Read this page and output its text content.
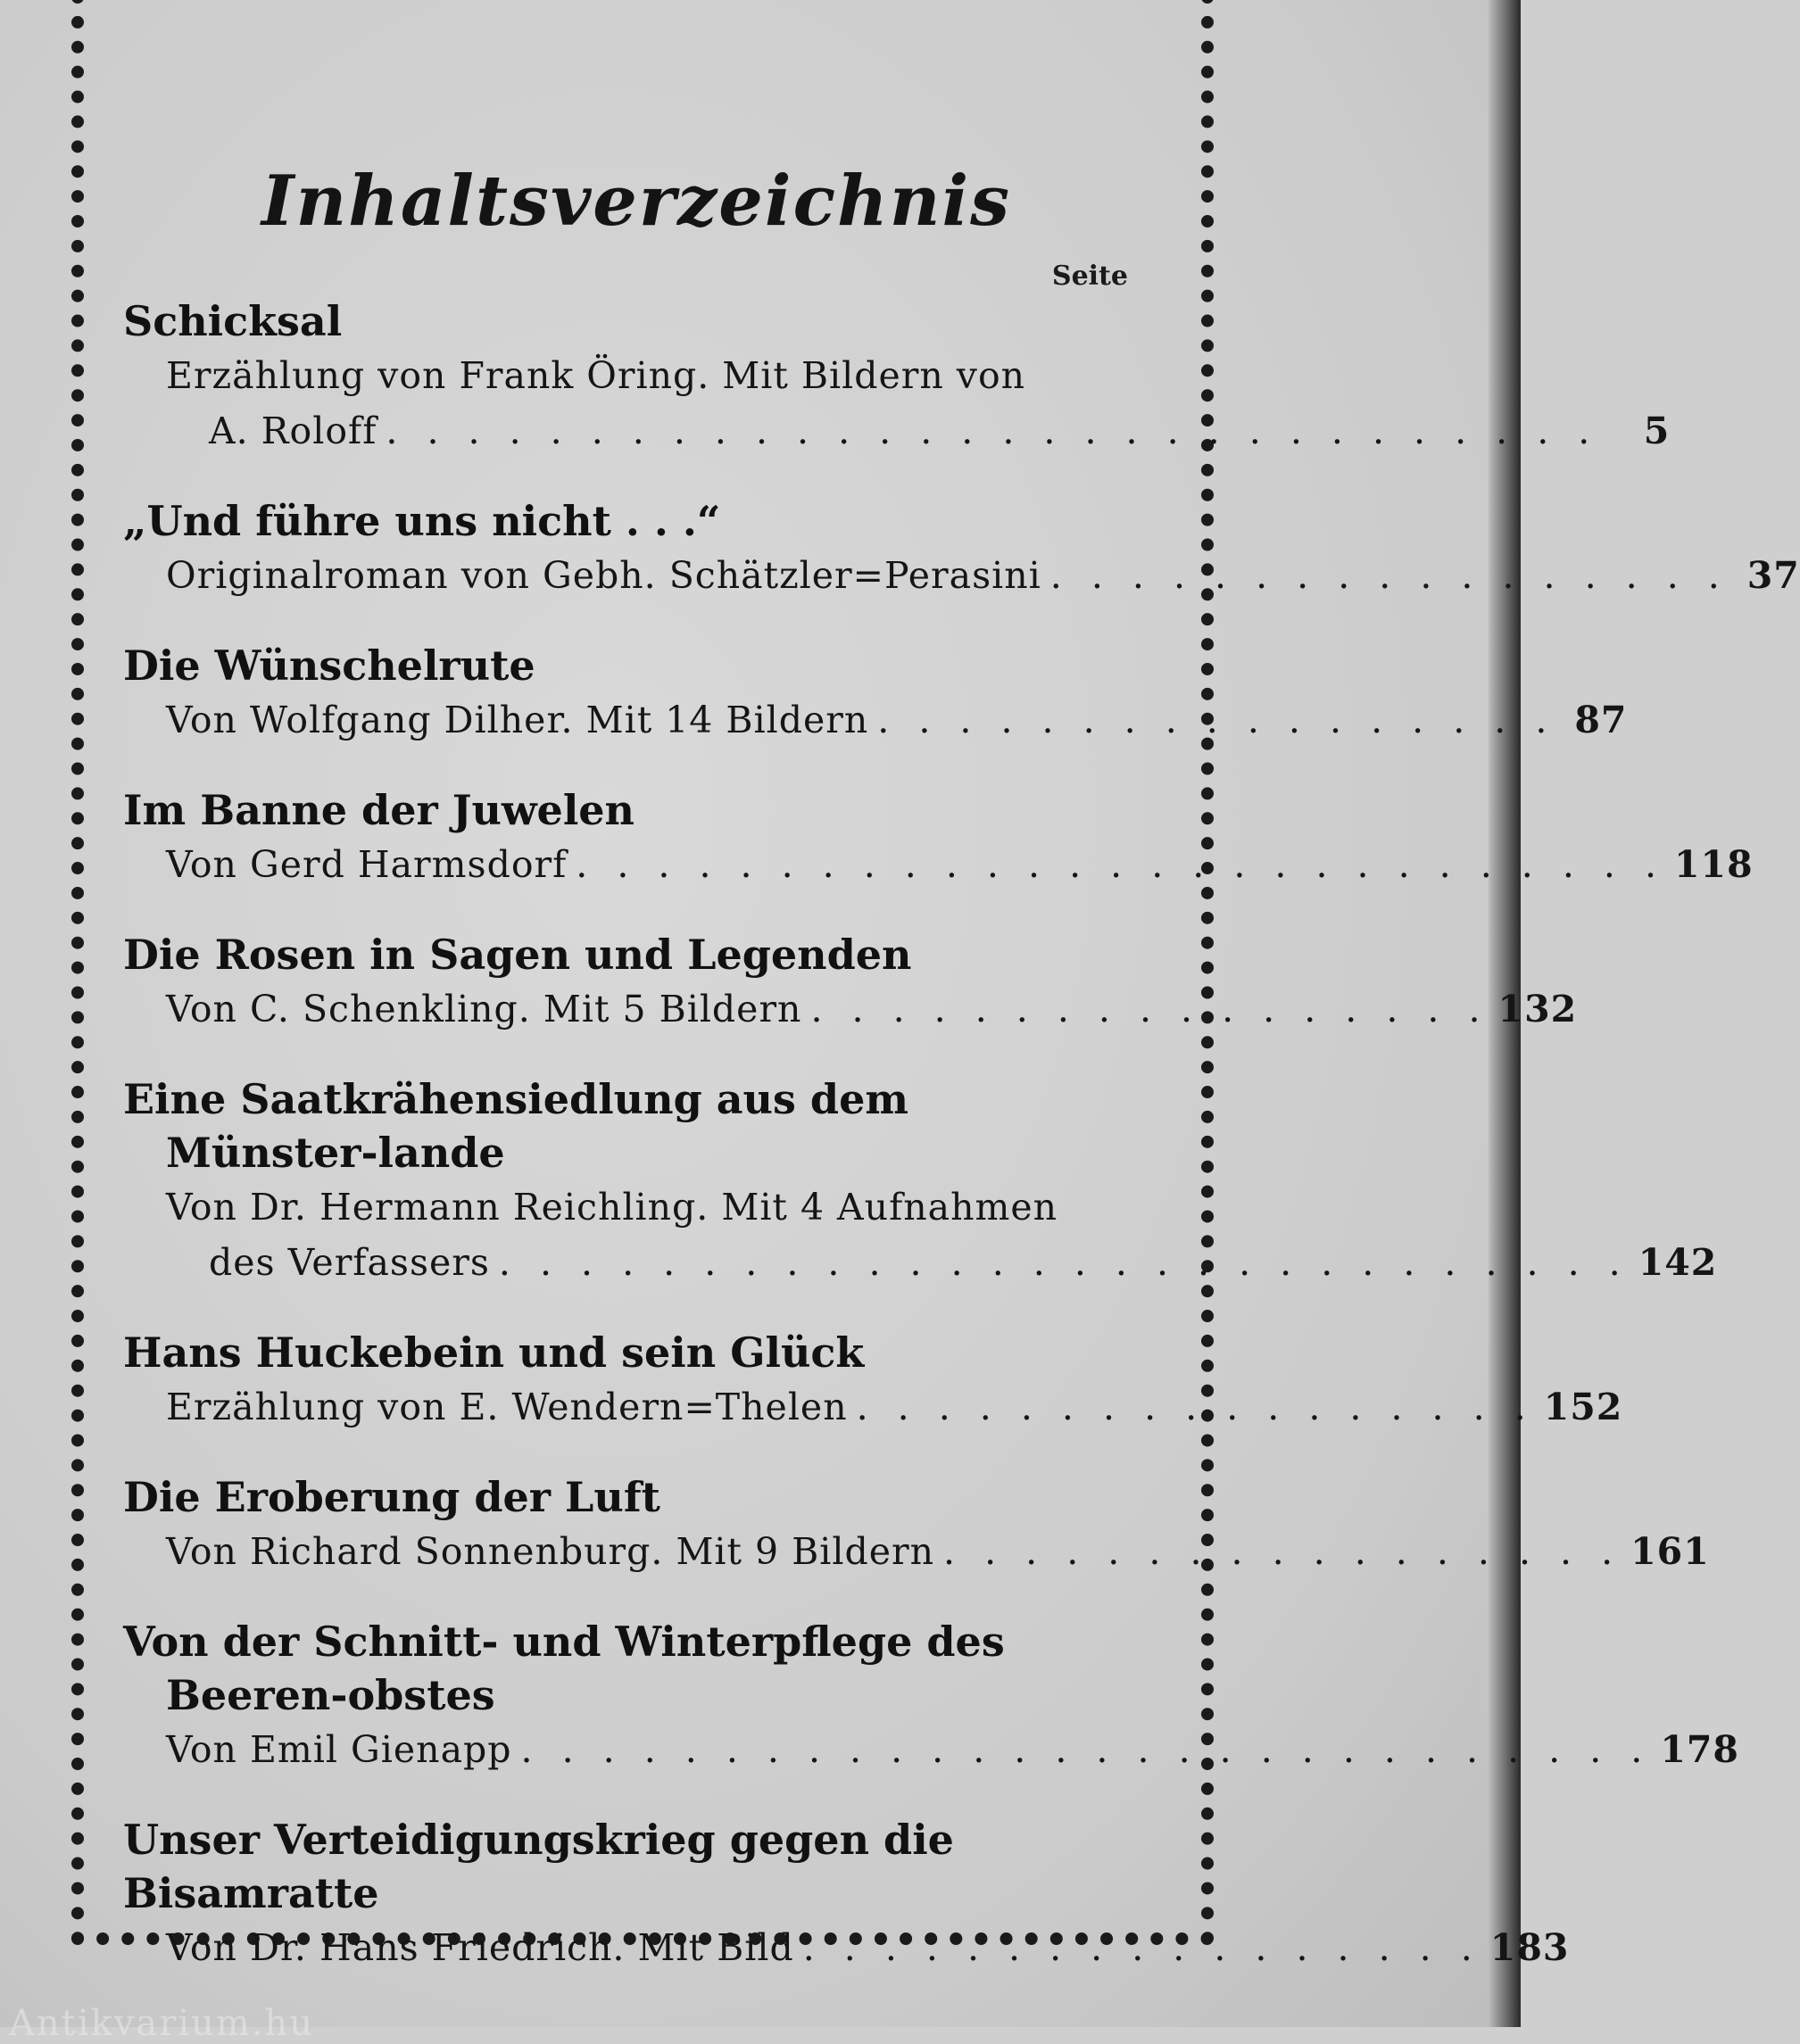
Inhaltsverzeichnis
Seite
Schicksal
Erzählung von Frank Öring. Mit Bildern von
A. Roloff . . . . . . . . . . . . . . . . . . . . . . . . . . . . . .	5
„Und führe uns nicht . . .“
Originalroman von Gebh. Schätzler=Perasini . . . . . . . . . . . . . . . . . 37
Die Wünschelrute
Von Wolfgang Dilher. Mit 14 Bildern . . . . . . . . . . . . . . . . . 87
Im Banne der Juwelen
Von Gerd Harmsdorf . . . . . . . . . . . . . . . . . . . . . . . . . . . 118
Die Rosen in Sagen und Legenden
Von C. Schenkling. Mit 5 Bildern . . . . . . . . . . . . . . . . . 132
Eine Saatkrähensiedlung aus dem Münster-lande
Von Dr. Hermann Reichling. Mit 4 Aufnahmen
des Verfassers . . . . . . . . . . . . . . . . . . . . . . . . . . . . 142
Hans Huckebein und sein Glück
Erzählung von E. Wendern=Thelen . . . . . . . . . . . . . . . . . 152
Die Eroberung der Luft
Von Richard Sonnenburg. Mit 9 Bildern . . . . . . . . . . . . . . . . . 161
Von der Schnitt- und Winterpflege des Beeren-obstes
Von Emil Gienapp . . . . . . . . . . . . . . . . . . . . . . . . . . . . 178
Unser Verteidigungskrieg gegen die Bisamratte
Von Dr. Hans Friedrich. Mit Bild . . . . . . . . . . . . . . . . . 183
Antikvarium.hu
